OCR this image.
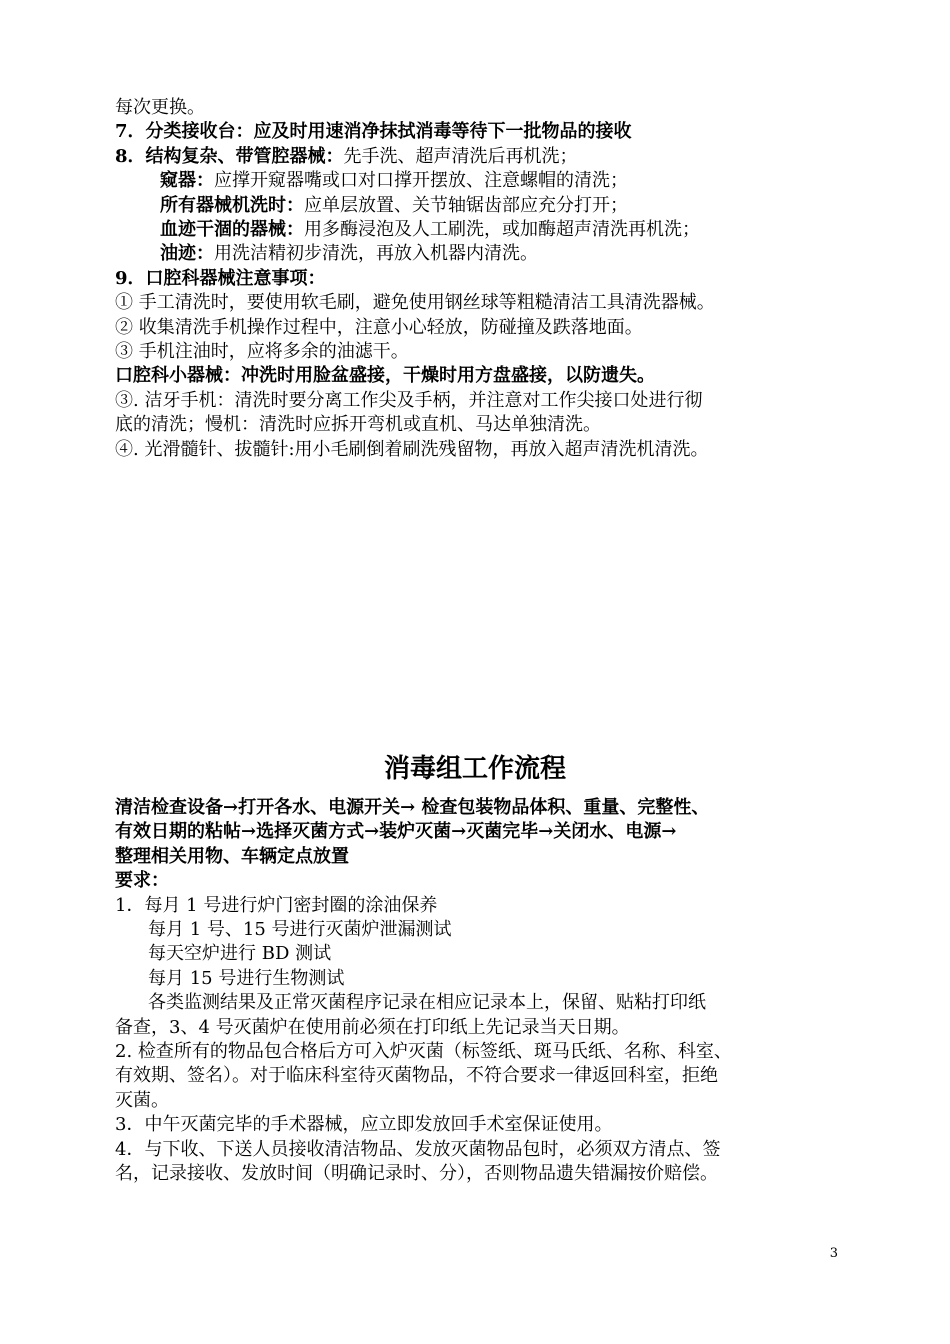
每次更换。
7．分类接收台：应及时用速消净抹拭消毒等待下一批物品的接收
8．结构复杂、带管腔器械：先手洗、超声清洗后再机洗；
窥器：应撑开窥器嘴或口对口撑开摆放、注意螺帽的清洗；
所有器械机洗时：应单层放置、关节轴锯齿部应充分打开；
血迹干涸的器械：用多酶浸泡及人工刷洗，或加酶超声清洗再机洗；
油迹：用洗洁精初步清洗，再放入机器内清洗。
9．口腔科器械注意事项：
① 手工清洗时，要使用软毛刷，避免使用钢丝球等粗糙清洁工具清洗器械。
② 收集清洗手机操作过程中，注意小心轻放，防碰撞及跌落地面。
③ 手机注油时，应将多余的油滤干。
口腔科小器械：冲洗时用脸盆盛接，干燥时用方盘盛接，以防遗失。
③. 洁牙手机：清洗时要分离工作尖及手柄，并注意对工作尖接口处进行彻
底的清洗；慢机：清洗时应拆开弯机或直机、马达单独清洗。
④. 光滑髓针、拔髓针:用小毛刷倒着刷洗残留物，再放入超声清洗机清洗。
消毒组工作流程
清洁检查设备→打开各水、电源开关→ 检查包装物品体积、重量、完整性、
有效日期的粘帖→选择灭菌方式→装炉灭菌→灭菌完毕→关闭水、电源→
整理相关用物、车辆定点放置
要求：
1．每月 1 号进行炉门密封圈的涂油保养
每月 1 号、15 号进行灭菌炉泄漏测试
每天空炉进行 BD 测试
每月 15 号进行生物测试
各类监测结果及正常灭菌程序记录在相应记录本上，保留、贴粘打印纸
备查，3、4 号灭菌炉在使用前必须在打印纸上先记录当天日期。
2. 检查所有的物品包合格后方可入炉灭菌（标签纸、斑马氏纸、名称、科室、
有效期、签名）。对于临床科室待灭菌物品，不符合要求一律返回科室，拒绝
灭菌。
3．中午灭菌完毕的手术器械，应立即发放回手术室保证使用。
4．与下收、下送人员接收清洁物品、发放灭菌物品包时，必须双方清点、签
名，记录接收、发放时间（明确记录时、分），否则物品遗失错漏按价赔偿。
3
